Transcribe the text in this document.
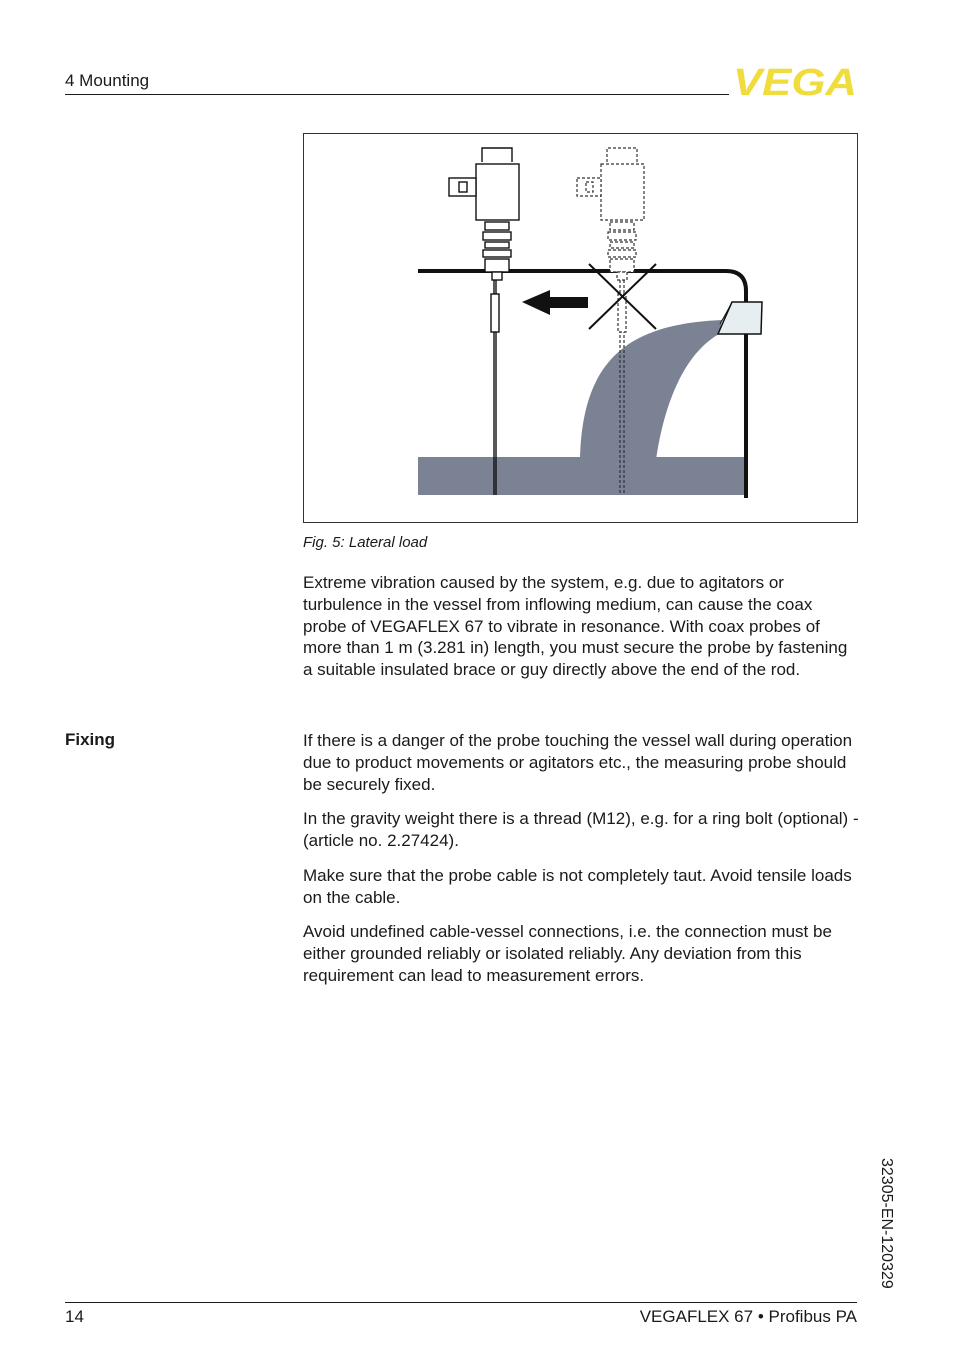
4 Mounting	VEGA
Fig. 5: Lateral load

Extreme vibration caused by the system, e.g. due to agitators or turbulence in the vessel from inflowing medium, can cause the coax probe of VEGAFLEX 67 to vibrate in resonance. With coax probes of more than 1 m (3.281 in) length, you must secure the probe by fastening a suitable insulated brace or guy directly above the end of the rod.

Fixing	If there is a danger of the probe touching the vessel wall during operation due to product movements or agitators etc., the measuring probe should be securely fixed.

In the gravity weight there is a thread (M12), e.g. for a ring bolt (optional) - (article no. 2.27424).

Make sure that the probe cable is not completely taut. Avoid tensile loads on the cable.

Avoid undefined cable-vessel connections, i.e. the connection must be either grounded reliably or isolated reliably. Any deviation from this requirement can lead to measurement errors.

32305-EN-120329
14	VEGAFLEX 67 • Profibus PA
